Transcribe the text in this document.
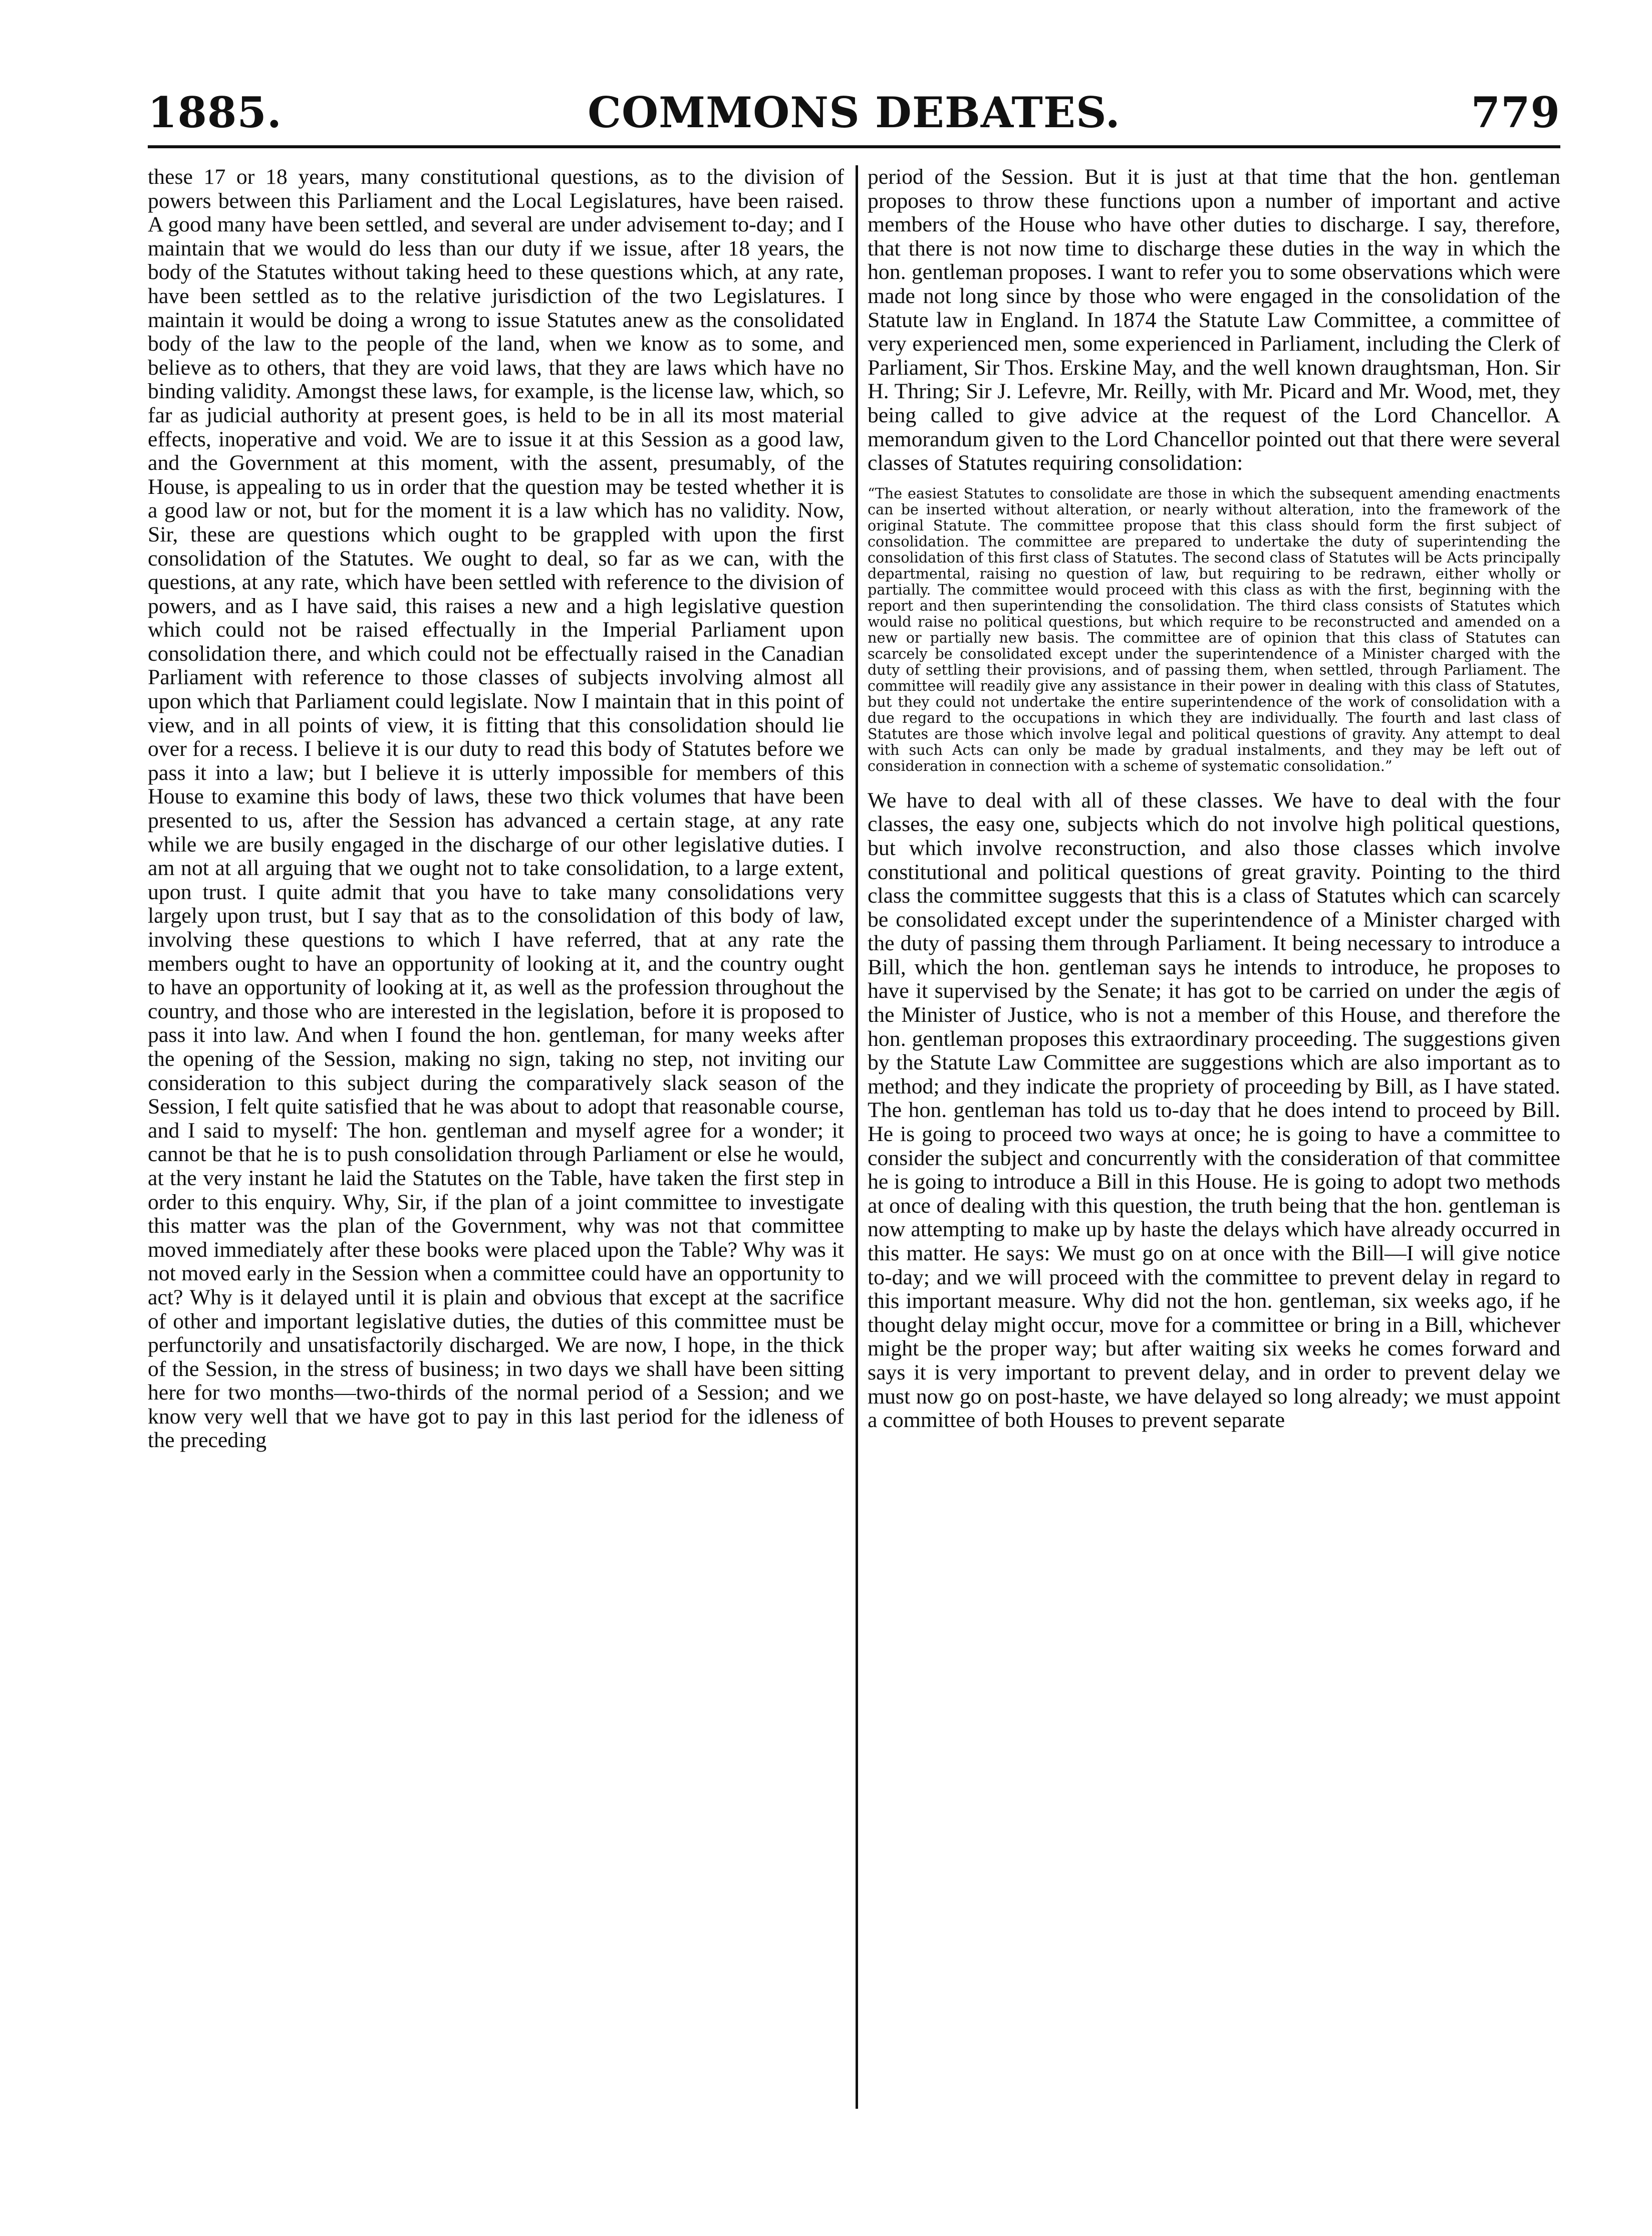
COMMONS DEBATES.
1885.	779

these 17 or 18 years, many constitutional questions, as to the division of powers between this Parliament and the Local Legislatures, have been raised. A good many have been settled, and several are under advisement to-day; and I maintain that we would do less than our duty if we issue, after 18 years, the body of the Statutes without taking heed to these questions which, at any rate, have been settled as to the relative jurisdiction of the two Legislatures. I maintain it would be doing a wrong to issue Statutes anew as the consolidated body of the law to the people of the land, when we know as to some, and believe as to others, that they are void laws, that they are laws which have no binding validity. Amongst these laws, for example, is the license law, which, so far as judicial authority at present goes, is held to be in all its most material effects, inoperative and void. We are to issue it at this Session as a good law, and the Government at this moment, with the assent, presumably, of the House, is appealing to us in order that the question may be tested whether it is a good law or not, but for the moment it is a law which has no validity. Now, Sir, these are questions which ought to be grappled with upon the first consolidation of the Statutes. We ought to deal, so far as we can, with the questions, at any rate, which have been settled with reference to the division of powers, and as I have said, this raises a new and a high legislative question which could not be raised effectually in the Imperial Parliament upon consolidation there, and which could not be effectually raised in the Canadian Parliament with reference to those classes of subjects involving almost all upon which that Parliament could legislate. Now I maintain that in this point of view, and in all points of view, it is fitting that this consolidation should lie over for a recess. I believe it is our duty to read this body of Statutes before we pass it into a law; but I believe it is utterly impossible for members of this House to examine this body of laws, these two thick volumes that have been presented to us, after the Session has advanced a certain stage, at any rate while we are busily engaged in the discharge of our other legislative duties. I am not at all arguing that we ought not to take consolidation, to a large extent, upon trust. I quite admit that you have to take many consolidations very largely upon trust, but I say that as to the consolidation of this body of law, involving these questions to which I have referred, that at any rate the members ought to have an opportunity of looking at it, and the country ought to have an opportunity of looking at it, as well as the profession throughout the country, and those who are interested in the legislation, before it is proposed to pass it into law. And when I found the hon. gentleman, for many weeks after the opening of the Session, making no sign, taking no step, not inviting our consideration to this subject during the comparatively slack season of the Session, I felt quite satisfied that he was about to adopt that reasonable course, and I said to myself: The hon. gentleman and myself agree for a wonder; it cannot be that he is to push consolidation through Parliament or else he would, at the very instant he laid the Statutes on the Table, have taken the first step in order to this enquiry. Why, Sir, if the plan of a joint committee to investigate this matter was the plan of the Government, why was not that committee moved immediately after these books were placed upon the Table? Why was it not moved early in the Session when a committee could have an opportunity to act? Why is it delayed until it is plain and obvious that except at the sacrifice of other and important legislative duties, the duties of this committee must be perfunctorily and unsatisfactorily discharged. We are now, I hope, in the thick of the Session, in the stress of business; in two days we shall have been sitting here for two months—two-thirds of the normal period of a Session; and we know very well that we have got to pay in this last period for the idleness of the preceding

period of the Session. But it is just at that time that the hon. gentleman proposes to throw these functions upon a number of important and active members of the House who have other duties to discharge. I say, therefore, that there is not now time to discharge these duties in the way in which the hon. gentleman proposes. I want to refer you to some observations which were made not long since by those who were engaged in the consolidation of the Statute law in England. In 1874 the Statute Law Committee, a committee of very experienced men, some experienced in Parliament, including the Clerk of Parliament, Sir Thos. Erskine May, and the well known draughtsman, Hon. Sir H. Thring; Sir J. Lefevre, Mr. Reilly, with Mr. Picard and Mr. Wood, met, they being called to give advice at the request of the Lord Chancellor. A memorandum given to the Lord Chancellor pointed out that there were several classes of Statutes requiring consolidation:

“The easiest Statutes to consolidate are those in which the subsequent amending enactments can be inserted without alteration, or nearly without alteration, into the framework of the original Statute. The committee propose that this class should form the first subject of consolidation. The committee are prepared to undertake the duty of superintending the consolidation of this first class of Statutes. The second class of Statutes will be Acts principally departmental, raising no question of law, but requiring to be redrawn, either wholly or partially. The committee would proceed with this class as with the first, beginning with the report and then superintending the consolidation. The third class consists of Statutes which would raise no political questions, but which require to be reconstructed and amended on a new or partially new basis. The committee are of opinion that this class of Statutes can scarcely be consolidated except under the superintendence of a Minister charged with the duty of settling their provisions, and of passing them, when settled, through Parliament. The committee will readily give any assistance in their power in dealing with this class of Statutes, but they could not undertake the entire superintendence of the work of consolidation with a due regard to the occupations in which they are individually. The fourth and last class of Statutes are those which involve legal and political questions of gravity. Any attempt to deal with such Acts can only be made by gradual instalments, and they may be left out of consideration in connection with a scheme of systematic consolidation.”

We have to deal with all of these classes. We have to deal with the four classes, the easy one, subjects which do not involve high political questions, but which involve reconstruction, and also those classes which involve constitutional and political questions of great gravity. Pointing to the third class the committee suggests that this is a class of Statutes which can scarcely be consolidated except under the superintendence of a Minister charged with the duty of passing them through Parliament. It being necessary to introduce a Bill, which the hon. gentleman says he intends to introduce, he proposes to have it supervised by the Senate; it has got to be carried on under the ægis of the Minister of Justice, who is not a member of this House, and therefore the hon. gentleman proposes this extraordinary proceeding. The suggestions given by the Statute Law Committee are suggestions which are also important as to method; and they indicate the propriety of proceeding by Bill, as I have stated. The hon. gentleman has told us to-day that he does intend to proceed by Bill. He is going to proceed two ways at once; he is going to have a committee to consider the subject and concurrently with the consideration of that committee he is going to introduce a Bill in this House. He is going to adopt two methods at once of dealing with this question, the truth being that the hon. gentleman is now attempting to make up by haste the delays which have already occurred in this matter. He says: We must go on at once with the Bill—I will give notice to-day; and we will proceed with the committee to prevent delay in regard to this important measure. Why did not the hon. gentleman, six weeks ago, if he thought delay might occur, move for a committee or bring in a Bill, whichever might be the proper way; but after waiting six weeks he comes forward and says it is very important to prevent delay, and in order to prevent delay we must now go on post-haste, we have delayed so long already; we must appoint a committee of both Houses to prevent separate
